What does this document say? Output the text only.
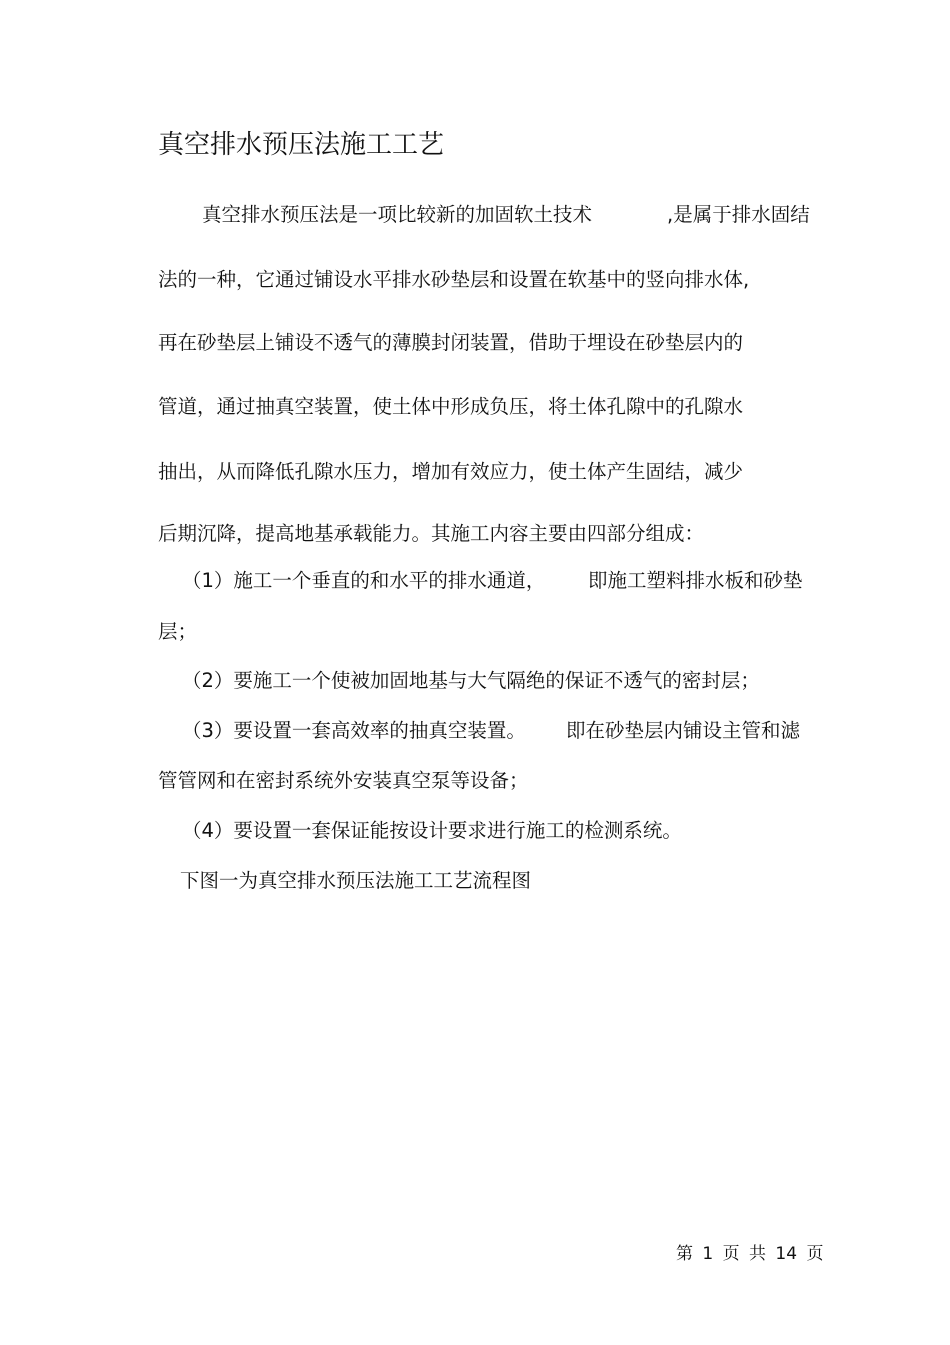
真空排水预压法施工工艺
真空排水预压法是一项比较新的加固软土技术	,是属于排水固结
法的一种，它通过铺设水平排水砂垫层和设置在软基中的竖向排水体,
再在砂垫层上铺设不透气的薄膜封闭装置，借助于埋设在砂垫层内的
管道，通过抽真空装置，使土体中形成负压，将土体孔隙中的孔隙水
抽出，从而降低孔隙水压力，增加有效应力，使土体产生固结，减少
后期沉降，提高地基承载能力。其施工内容主要由四部分组成：
（1）施工一个垂直的和水平的排水通道， 即施工塑料排水板和砂垫
层；
（2）要施工一个使被加固地基与大气隔绝的保证不透气的密封层；
（3）要设置一套高效率的抽真空装置。 即在砂垫层内铺设主管和滤
管管网和在密封系统外安装真空泵等设备；
（4）要设置一套保证能按设计要求进行施工的检测系统。
下图一为真空排水预压法施工工艺流程图
第 1 页 共 14 页
